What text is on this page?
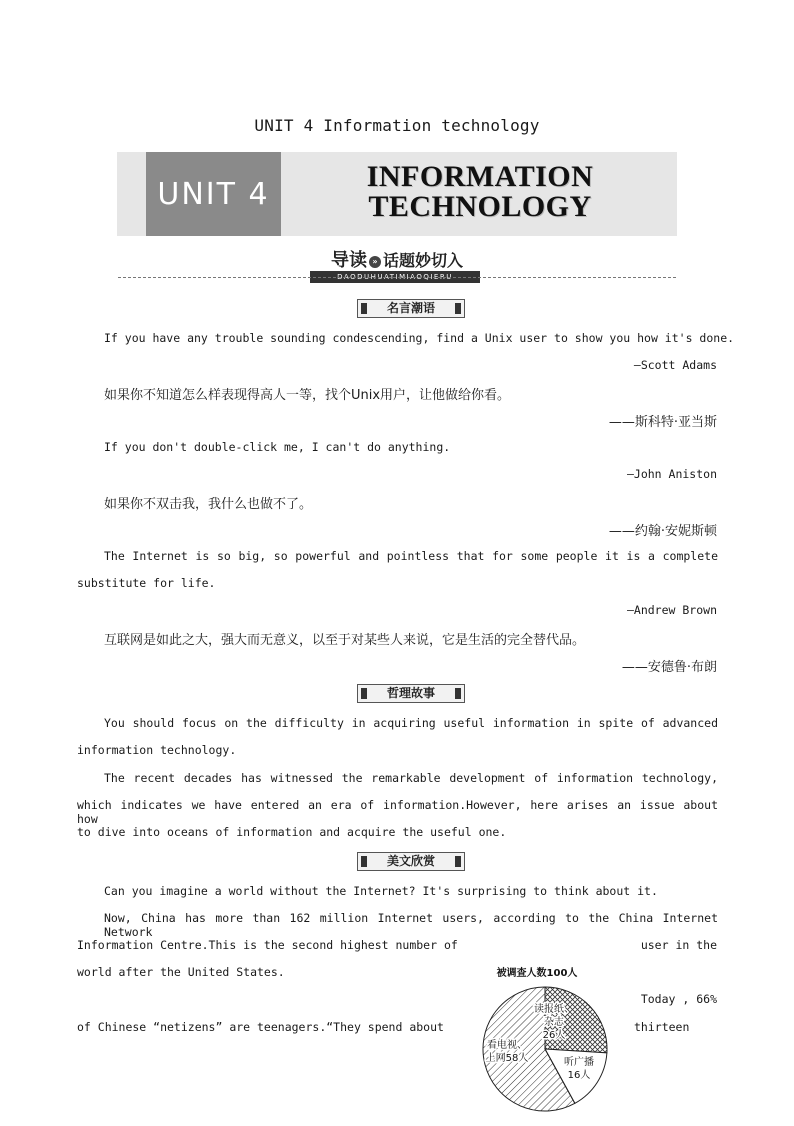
UNIT 4 Information technology
UNIT 4	INFORMATION
TECHNOLOGY
导读 » 话题妙切入
DAODUHUATIMIAOQIERU
名言潮语
If you have any trouble sounding condescending, find a Unix user to show you how it's done.
—Scott Adams
如果你不知道怎么样表现得高人一等，找个Unix用户，让他做给你看。
——斯科特·亚当斯
If you don't double-click me, I can't do anything.
—John Aniston
如果你不双击我，我什么也做不了。
——约翰·安妮斯顿
The Internet is so big, so powerful and pointless that for some people it is a complete
substitute for life.
—Andrew Brown
互联网是如此之大，强大而无意义，以至于对某些人来说，它是生活的完全替代品。
——安德鲁·布朗
哲理故事
You should focus on the difficulty in acquiring useful information in spite of advanced
information technology.
The recent decades has witnessed the remarkable development of information technology,
which indicates we have entered an era of information.However, here arises an issue about how
to dive into oceans of information and acquire the useful one.
美文欣赏
Can you imagine a world without the Internet? It's surprising to think about it.
Now, China has more than 162 million Internet users, according to the China Internet Network
Information Centre.This is the second highest number of	user in the
world after the United States.
Today , 66%
of Chinese “netizens” are teenagers.“They spend about	thirteen
被调查人数100人
读报纸、
杂志
26人
听广播
16人
看电视、
上网58人
